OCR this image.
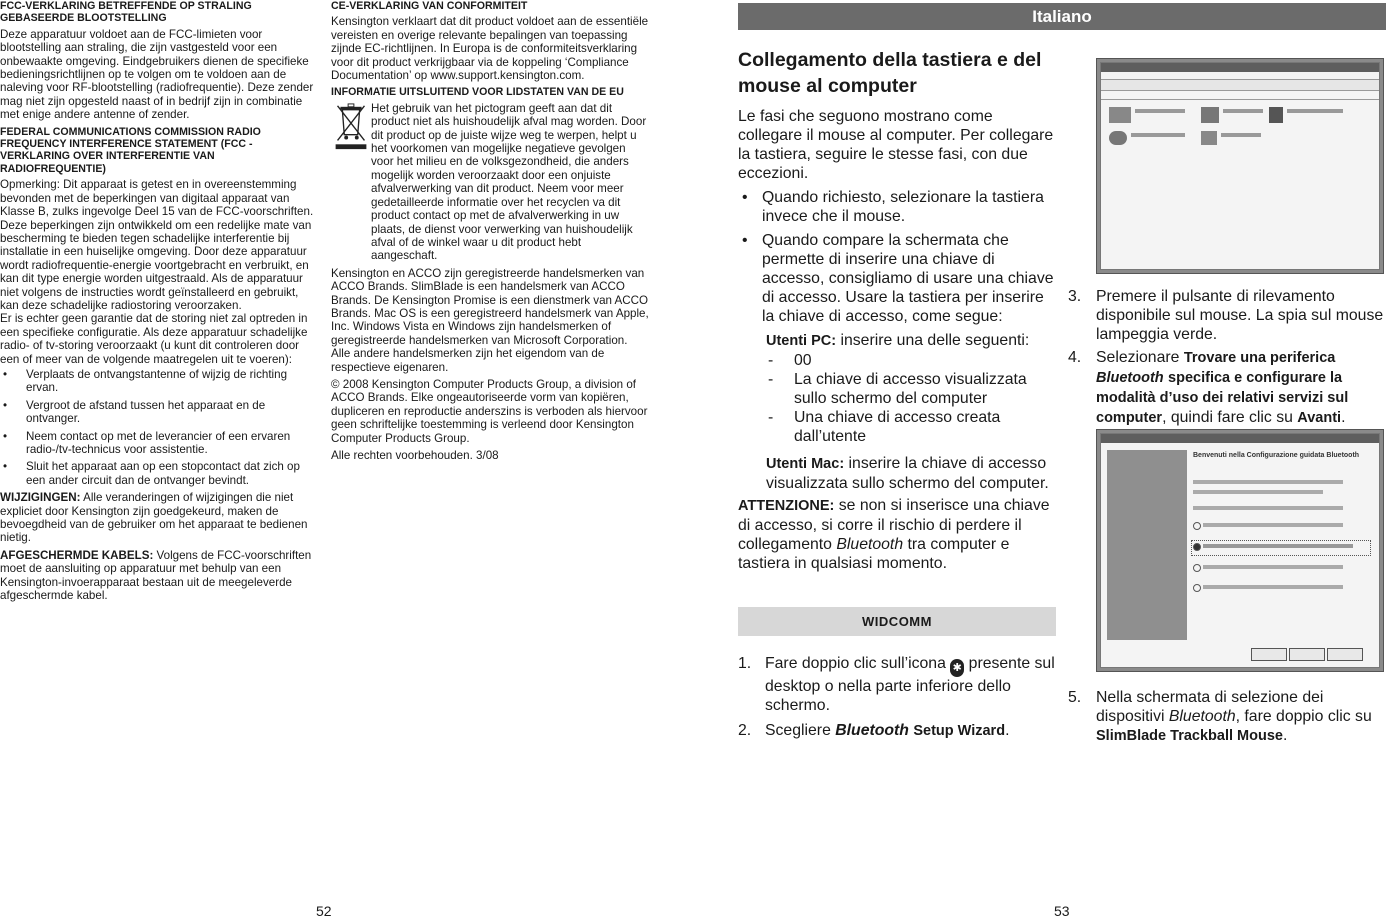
FCC-VERKLARING BETREFFENDE OP STRALING GEBASEERDE BLOOTSTELLING
Deze apparatuur voldoet aan de FCC-limieten voor blootstelling aan straling, die zijn vastgesteld voor een onbewaakte omgeving. Eindgebruikers dienen de specifieke bedieningsrichtlijnen op te volgen om te voldoen aan de naleving voor RF-blootstelling (radiofrequentie). Deze zender mag niet zijn opgesteld naast of in bedrijf zijn in combinatie met enige andere antenne of zender.
FEDERAL COMMUNICATIONS COMMISSION RADIO FREQUENCY INTERFERENCE STATEMENT (FCC - VERKLARING OVER INTERFERENTIE VAN RADIOFREQUENTIE)
Opmerking: Dit apparaat is getest en in overeenstemming bevonden met de beperkingen van digitaal apparaat van Klasse B, zulks ingevolge Deel 15 van de FCC-voorschriften. Deze beperkingen zijn ontwikkeld om een redelijke mate van bescherming te bieden tegen schadelijke interferentie bij installatie in een huiselijke omgeving. Door deze apparatuur wordt radiofrequentie-energie voortgebracht en verbruikt, en kan dit type energie worden uitgestraald. Als de apparatuur niet volgens de instructies wordt geïnstalleerd en gebruikt, kan deze schadelijke radiostoring veroorzaken.
Er is echter geen garantie dat de storing niet zal optreden in een specifieke configuratie. Als deze apparatuur schadelijke radio- of tv-storing veroorzaakt (u kunt dit controleren door een of meer van de volgende maatregelen uit te voeren):
• Verplaats de ontvangstantenne of wijzig de richting ervan.
• Vergroot de afstand tussen het apparaat en de ontvanger.
• Neem contact op met de leverancier of een ervaren radio-/tv-technicus voor assistentie.
• Sluit het apparaat aan op een stopcontact dat zich op een ander circuit dan de ontvanger bevindt.
WIJZIGINGEN: Alle veranderingen of wijzigingen die niet expliciet door Kensington zijn goedgekeurd, maken de bevoegdheid van de gebruiker om het apparaat te bedienen nietig.
AFGESCHERMDE KABELS: Volgens de FCC-voorschriften moet de aansluiting op apparatuur met behulp van een Kensington-invoerapparaat bestaan uit de meegeleverde afgeschermde kabel.
CE-VERKLARING VAN CONFORMITEIT
Kensington verklaart dat dit product voldoet aan de essentiële vereisten en overige relevante bepalingen van toepassing zijnde EC-richtlijnen. In Europa is de conformiteitsverklaring voor dit product verkrijgbaar via de koppeling ‘Compliance Documentation’ op www.support.kensington.com.
INFORMATIE UITSLUITEND VOOR LIDSTATEN VAN DE EU
Het gebruik van het pictogram geeft aan dat dit product niet als huishoudelijk afval mag worden. Door dit product op de juiste wijze weg te werpen, helpt u het voorkomen van mogelijke negatieve gevolgen voor het milieu en de volksgezondheid, die anders mogelijk worden veroorzaakt door een onjuiste afvalverwerking van dit product. Neem voor meer gedetailleerde informatie over het recyclen va dit product contact op met de afvalverwerking in uw plaats, de dienst voor verwerking van huishoudelijk afval of de winkel waar u dit product hebt aangeschaft.
Kensington en ACCO zijn geregistreerde handelsmerken van ACCO Brands. SlimBlade is een handelsmerk van ACCO Brands. De Kensington Promise is een dienstmerk van ACCO Brands. Mac OS is een geregistreerd handelsmerk van Apple, Inc. Windows Vista en Windows zijn handelsmerken of geregistreerde handelsmerken van Microsoft Corporation. Alle andere handelsmerken zijn het eigendom van de respectieve eigenaren.
© 2008 Kensington Computer Products Group, a division of ACCO Brands. Elke ongeautoriseerde vorm van kopiëren, dupliceren en reproductie anderszins is verboden als hiervoor geen schriftelijke toestemming is verleend door Kensington Computer Products Group.
Alle rechten voorbehouden. 3/08
52
Italiano
Collegamento della tastiera e del mouse al computer
Le fasi che seguono mostrano come collegare il mouse al computer. Per collegare la tastiera, seguire le stesse fasi, con due eccezioni.
• Quando richiesto, selezionare la tastiera invece che il mouse.
• Quando compare la schermata che permette di inserire una chiave di accesso, consigliamo di usare una chiave di accesso. Usare la tastiera per inserire la chiave di accesso, come segue:
Utenti PC: inserire una delle seguenti:
- 00
- La chiave di accesso visualizzata sullo schermo del computer
- Una chiave di accesso creata dall’utente
Utenti Mac: inserire la chiave di accesso visualizzata sullo schermo del computer.
ATTENZIONE: se non si inserisce una chiave di accesso, si corre il rischio di perdere il collegamento Bluetooth tra computer e tastiera in qualsiasi momento.
WIDCOMM
1. Fare doppio clic sull’icona ✱ presente sul desktop o nella parte inferiore dello schermo.
2. Scegliere Bluetooth Setup Wizard.
3. Premere il pulsante di rilevamento disponibile sul mouse. La spia sul mouse lampeggia verde.
4. Selezionare Trovare una periferica Bluetooth specifica e configurare la modalità d’uso dei relativi servizi sul computer, quindi fare clic su Avanti.
Benvenuti nella Configurazione guidata Bluetooth
5. Nella schermata di selezione dei dispositivi Bluetooth, fare doppio clic su SlimBlade Trackball Mouse.
53
